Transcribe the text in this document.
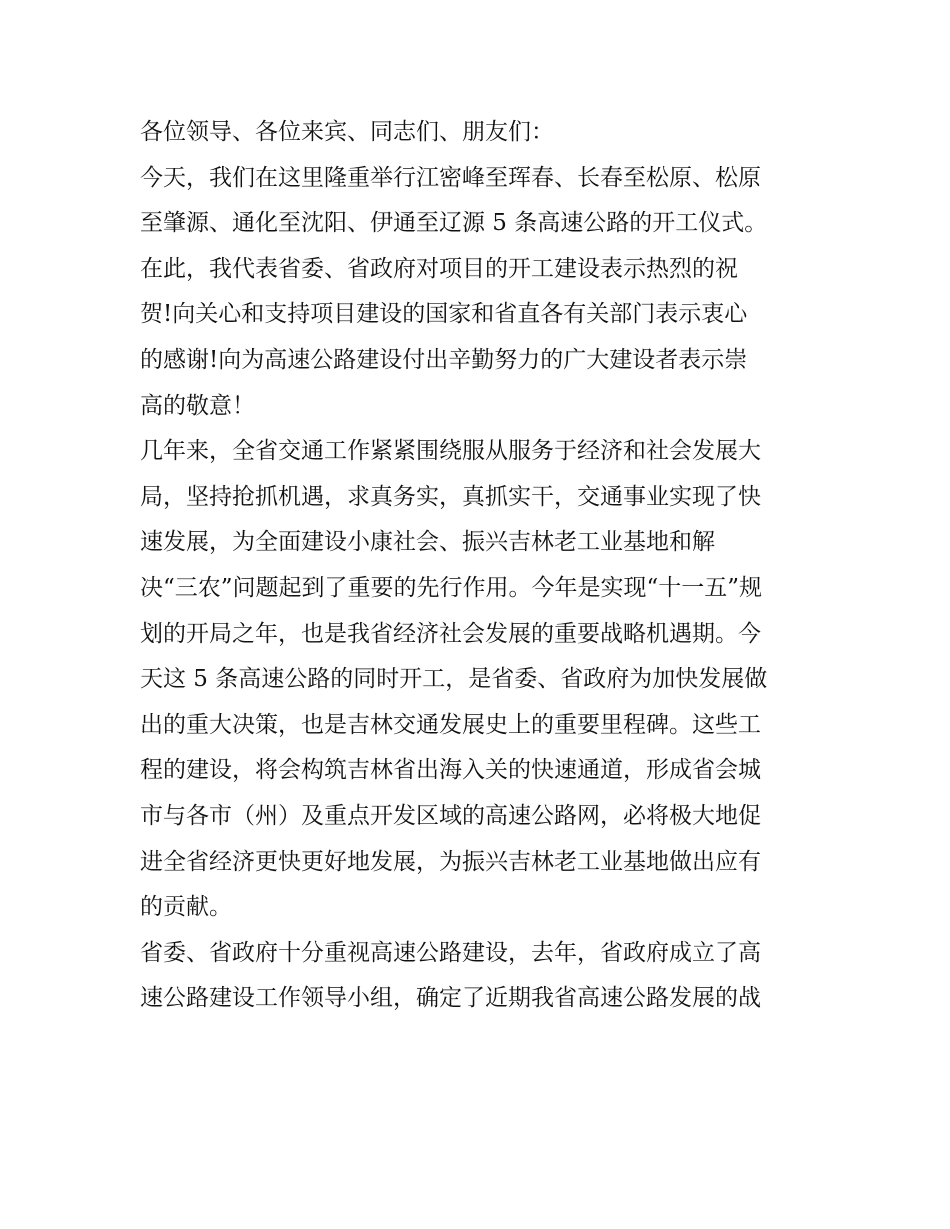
各位领导、各位来宾、同志们、朋友们：
今天，我们在这里隆重举行江密峰至珲春、长春至松原、松原
至肇源、通化至沈阳、伊通至辽源 5 条高速公路的开工仪式。
在此，我代表省委、省政府对项目的开工建设表示热烈的祝
贺!向关心和支持项目建设的国家和省直各有关部门表示衷心
的感谢!向为高速公路建设付出辛勤努力的广大建设者表示崇
高的敬意！
几年来，全省交通工作紧紧围绕服从服务于经济和社会发展大
局，坚持抢抓机遇，求真务实，真抓实干，交通事业实现了快
速发展，为全面建设小康社会、振兴吉林老工业基地和解
决“三农”问题起到了重要的先行作用。今年是实现“十一五”规
划的开局之年，也是我省经济社会发展的重要战略机遇期。今
天这 5 条高速公路的同时开工，是省委、省政府为加快发展做
出的重大决策，也是吉林交通发展史上的重要里程碑。这些工
程的建设，将会构筑吉林省出海入关的快速通道，形成省会城
市与各市（州）及重点开发区域的高速公路网，必将极大地促
进全省经济更快更好地发展，为振兴吉林老工业基地做出应有
的贡献。
省委、省政府十分重视高速公路建设，去年，省政府成立了高
速公路建设工作领导小组，确定了近期我省高速公路发展的战
